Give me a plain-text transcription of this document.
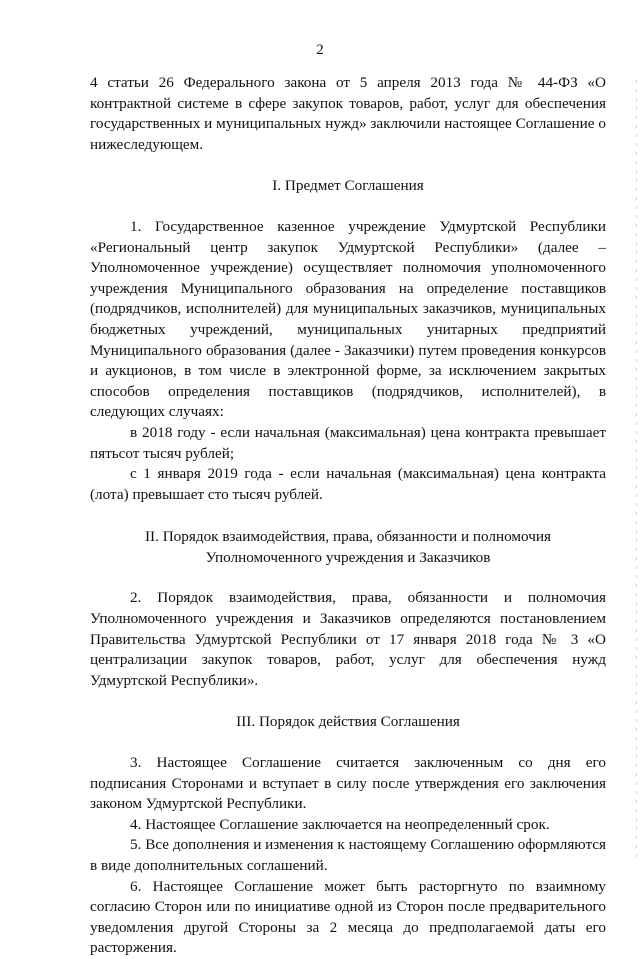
2

4 статьи 26 Федерального закона от 5 апреля 2013 года № 44-ФЗ «О контрактной системе в сфере закупок товаров, работ, услуг для обеспечения государственных и муниципальных нужд» заключили настоящее Соглашение о нижеследующем.

I. Предмет Соглашения

1. Государственное казенное учреждение Удмуртской Республики «Региональный центр закупок Удмуртской Республики» (далее – Уполномоченное учреждение) осуществляет полномочия уполномоченного учреждения Муниципального образования на определение поставщиков (подрядчиков, исполнителей) для муниципальных заказчиков, муниципальных бюджетных учреждений, муниципальных унитарных предприятий Муниципального образования (далее - Заказчики) путем проведения конкурсов и аукционов, в том числе в электронной форме, за исключением закрытых способов определения поставщиков (подрядчиков, исполнителей), в следующих случаях:

в 2018 году - если начальная (максимальная) цена контракта превышает пятьсот тысяч рублей;

с 1 января 2019 года - если начальная (максимальная) цена контракта (лота) превышает сто тысяч рублей.

II. Порядок взаимодействия, права, обязанности и полномочия
Уполномоченного учреждения и Заказчиков

2. Порядок взаимодействия, права, обязанности и полномочия Уполномоченного учреждения и Заказчиков определяются постановлением Правительства Удмуртской Республики от 17 января 2018 года № 3 «О централизации закупок товаров, работ, услуг для обеспечения нужд Удмуртской Республики».

III. Порядок действия Соглашения

3. Настоящее Соглашение считается заключенным со дня его подписания Сторонами и вступает в силу после утверждения его заключения законом Удмуртской Республики.

4. Настоящее Соглашение заключается на неопределенный срок.

5. Все дополнения и изменения к настоящему Соглашению оформляются в виде дополнительных соглашений.

6. Настоящее Соглашение может быть расторгнуто по взаимному согласию Сторон или по инициативе одной из Сторон после предварительного уведомления другой Стороны за 2 месяца до предполагаемой даты его расторжения.
